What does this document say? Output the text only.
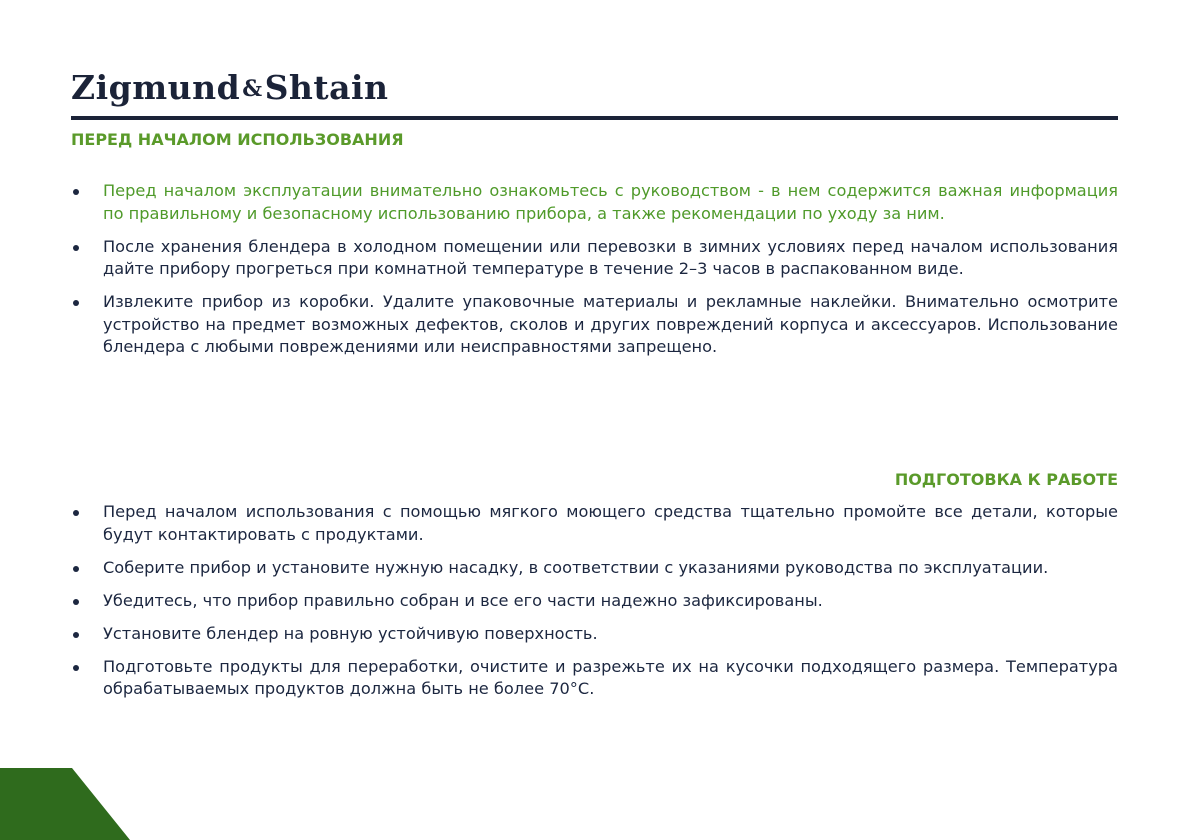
Zigmund&Shtain
ПЕРЕД НАЧАЛОМ ИСПОЛЬЗОВАНИЯ
Перед началом эксплуатации внимательно ознакомьтесь с руководством - в нем содержится важная информация по правильному и безопасному использованию прибора, а также рекомендации по уходу за ним.
После хранения блендера в холодном помещении или перевозки в зимних условиях перед началом использования дайте прибору прогреться при комнатной температуре в течение 2–3 часов в распакованном виде.
Извлеките прибор из коробки. Удалите упаковочные материалы и рекламные наклейки. Внимательно осмотрите устройство на предмет возможных дефектов, сколов и других повреждений корпуса и аксессуаров. Использование блендера с любыми повреждениями или неисправностями запрещено.
ПОДГОТОВКА К РАБОТЕ
Перед началом использования с помощью мягкого моющего средства тщательно промойте все детали, которые будут контактировать с продуктами.
Соберите прибор и установите нужную насадку, в соответствии с указаниями руководства по эксплуатации.
Убедитесь, что прибор правильно собран и все его части надежно зафиксированы.
Установите блендер на ровную устойчивую поверхность.
Подготовьте продукты для переработки, очистите и разрежьте их на кусочки подходящего размера. Температура обрабатываемых продуктов должна быть не более 70°C.
